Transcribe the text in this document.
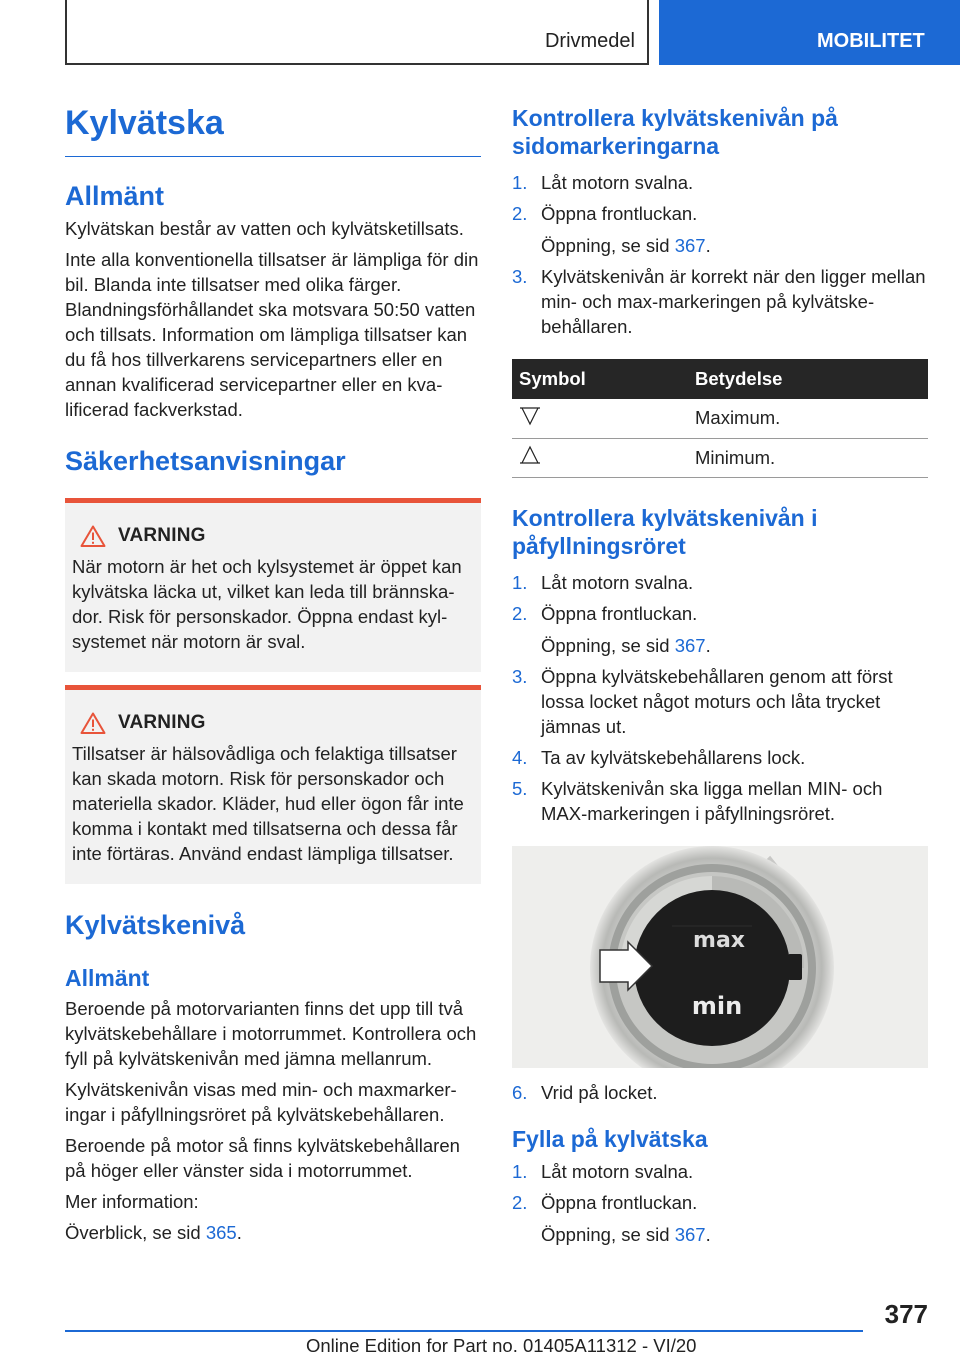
Drivmedel	MOBILITET
Kylvätska
Allmänt

Kylvätskan består av vatten och kylvätsketillsats.

Inte alla konventionella tillsatser är lämpliga för din bil. Blanda inte tillsatser med olika färger. Blandningsförhållandet ska motsvara 50:50 vatten och tillsats. Information om lämpliga tillsatser kan du få hos tillverkarens servicepartners eller en annan kvalificerad servicepartner eller en kvalificerad fackverkstad.

Säkerhetsanvisningar
VARNING

När motorn är het och kylsystemet är öppet kan kylvätska läcka ut, vilket kan leda till brännskador. Risk för personskador. Öppna endast kylsystemet när motorn är sval.

VARNING

Tillsatser är hälsovådliga och felaktiga tillsatser kan skada motorn. Risk för personskador och materiella skador. Kläder, hud eller ögon får inte komma i kontakt med tillsatserna och dessa får inte förtäras. Använd endast lämpliga tillsatser.

Kylvätskenivå
Allmänt

Beroende på motorvarianten finns det upp till två kylvätskebehållare i motorrummet. Kontrollera och fyll på kylvätskenivån med jämna mellanrum.

Kylvätskenivån visas med min- och maxmarkeringar i påfyllningsröret på kylvätskebehållaren.

Beroende på motor så finns kylvätskebehållaren på höger eller vänster sida i motorrummet.

Mer information:

Överblick, se sid 365.

Kontrollera kylvätskenivån på sidomarkeringarna
1. Låt motorn svalna.
2. Öppna frontluckan.
Öppning, se sid 367.
3. Kylvätskenivån är korrekt när den ligger mellan min- och max-markeringen på kylvätskebehållaren.
Symbol	Betydelse
	Maximum.
	Minimum.
Kontrollera kylvätskenivån i påfyllningsröret
1. Låt motorn svalna.
2. Öppna frontluckan.
Öppning, se sid 367.
3. Öppna kylvätskebehållaren genom att först lossa locket något moturs och låta trycket jämnas ut.
4. Ta av kylvätskebehållarens lock.
5. Kylvätskenivån ska ligga mellan MIN- och MAX-markeringen i påfyllningsröret.
max
min
6. Vrid på locket.
Fylla på kylvätska
1. Låt motorn svalna.
2. Öppna frontluckan.
Öppning, se sid 367.
377
Online Edition for Part no. 01405A11312 - VI/20
